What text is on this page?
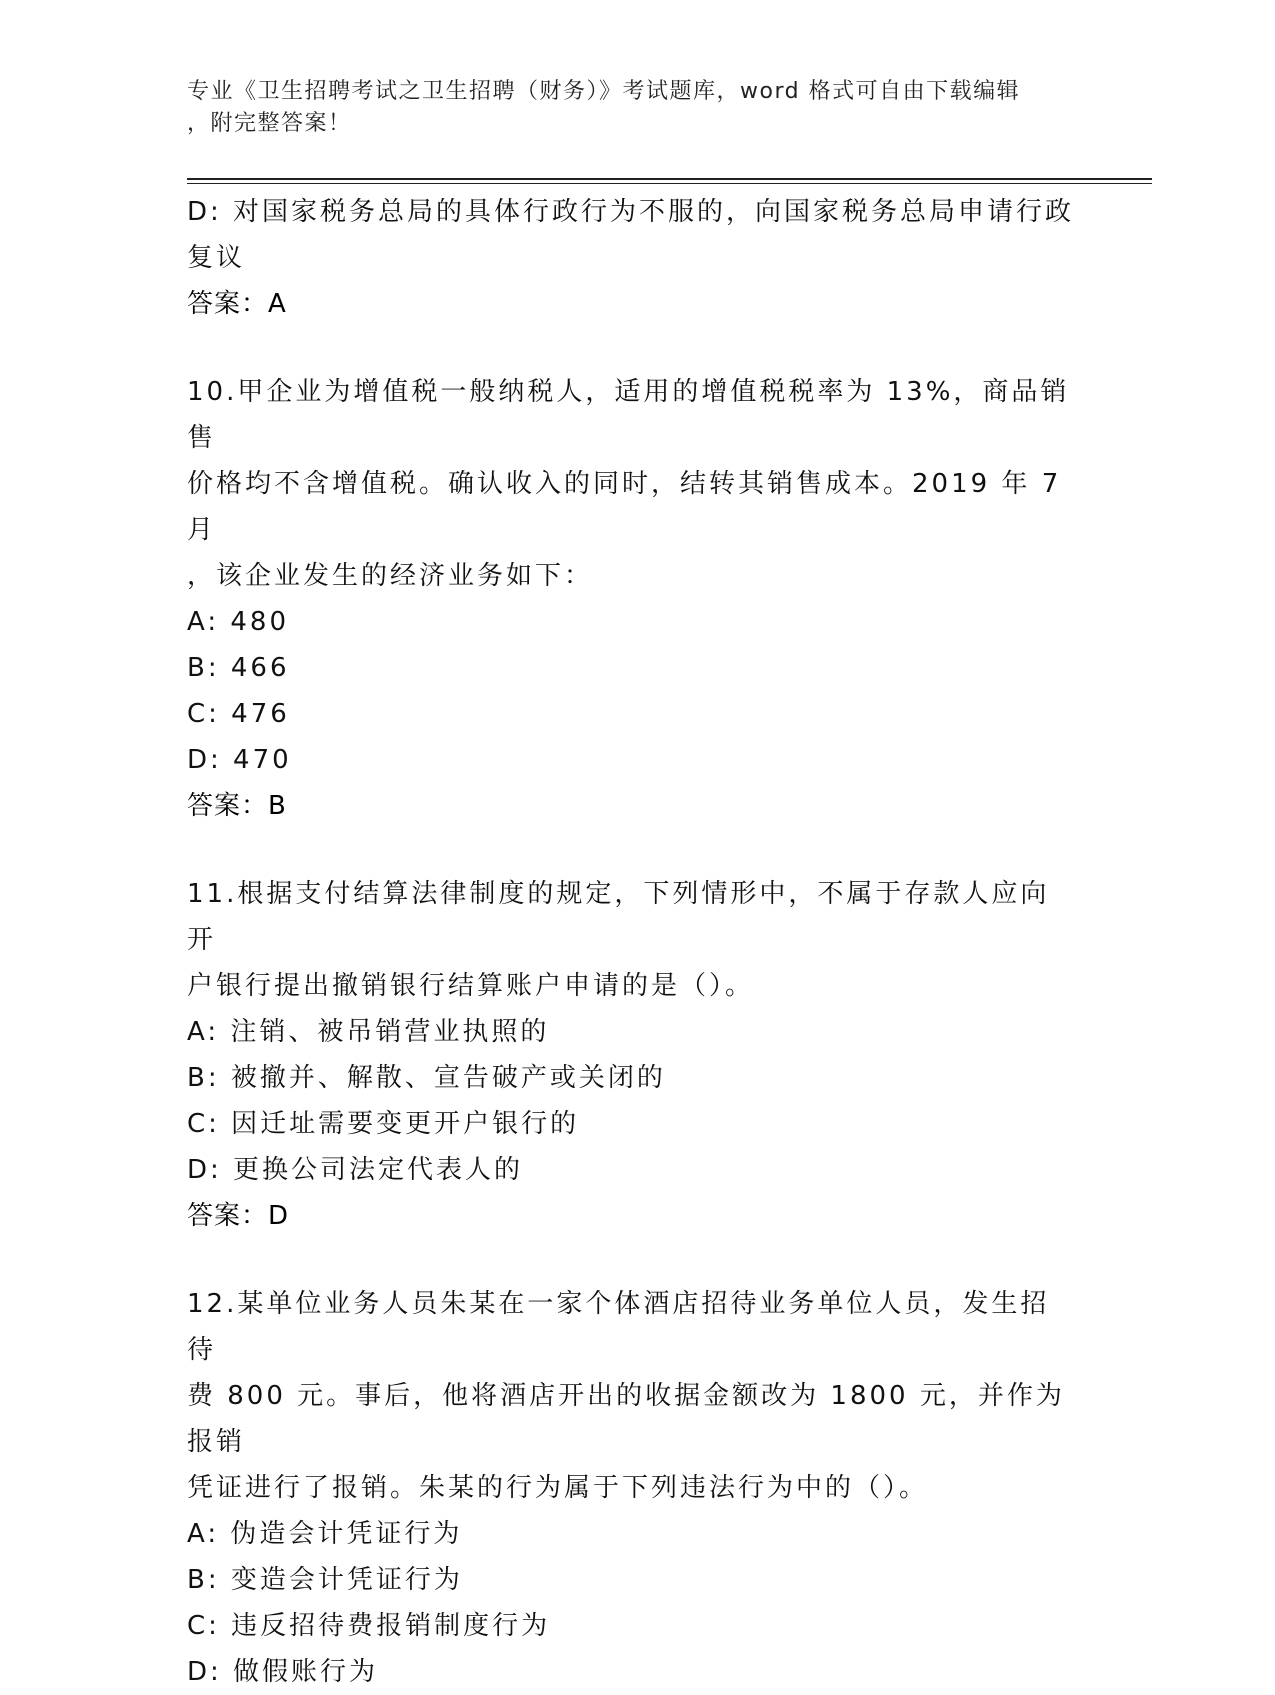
专业《卫生招聘考试之卫生招聘（财务）》考试题库，word 格式可自由下载编辑
，附完整答案！
D: 对国家税务总局的具体行政行为不服的，向国家税务总局申请行政
复议
答案：A
10.甲企业为增值税一般纳税人，适用的增值税税率为 13%，商品销售
价格均不含增值税。确认收入的同时，结转其销售成本。2019 年 7 月
，该企业发生的经济业务如下：
A: 480
B: 466
C: 476
D: 470
答案：B
11.根据支付结算法律制度的规定，下列情形中，不属于存款人应向开
户银行提出撤销银行结算账户申请的是（）。
A: 注销、被吊销营业执照的
B: 被撤并、解散、宣告破产或关闭的
C: 因迁址需要变更开户银行的
D: 更换公司法定代表人的
答案：D
12.某单位业务人员朱某在一家个体酒店招待业务单位人员，发生招待
费 800 元。事后，他将酒店开出的收据金额改为 1800 元，并作为报销
凭证进行了报销。朱某的行为属于下列违法行为中的（）。
A: 伪造会计凭证行为
B: 变造会计凭证行为
C: 违反招待费报销制度行为
D: 做假账行为
